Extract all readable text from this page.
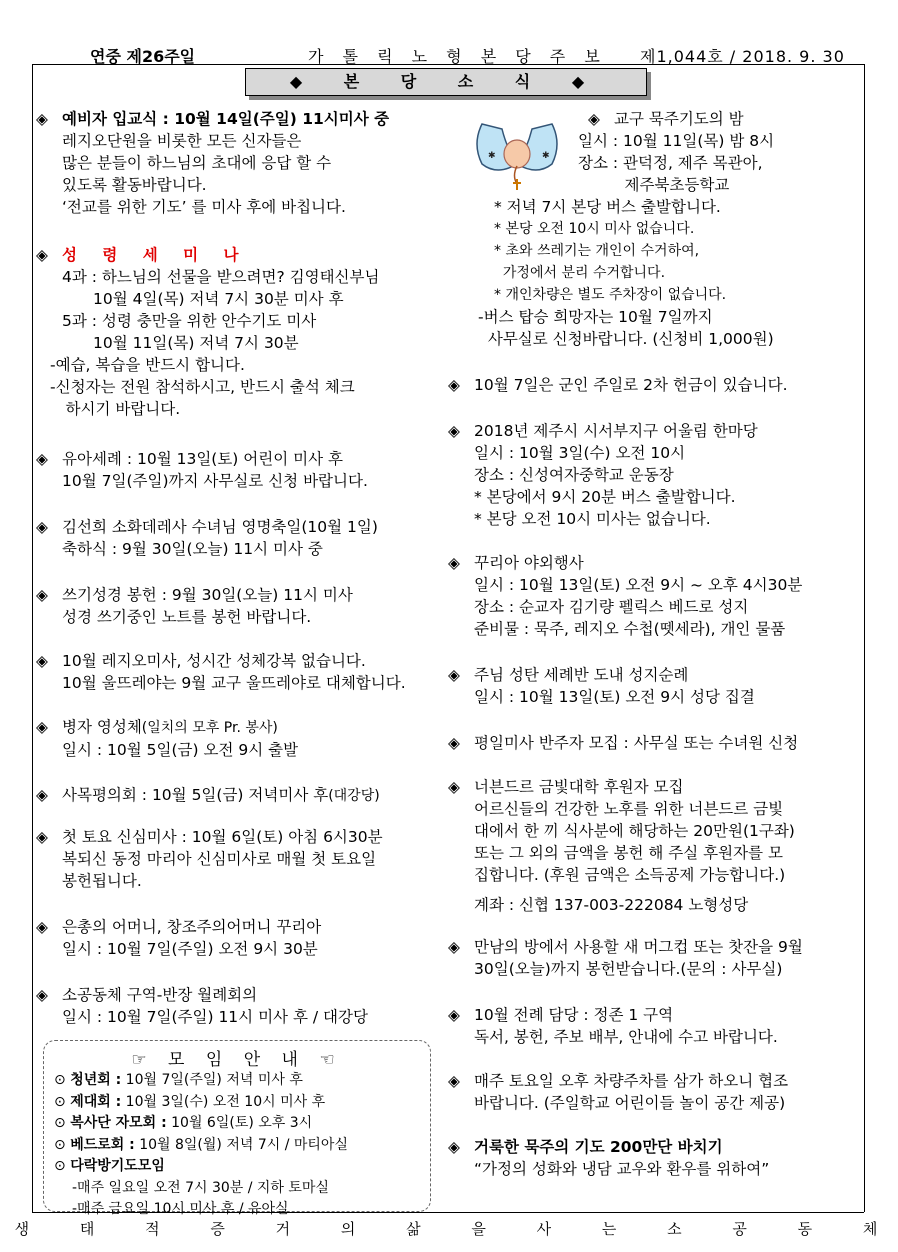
연중 제26주일	가 톨 릭 노 형 본 당 주 보 제1,044호 / 2018. 9. 30
◆ 본 당 소 식 ◆
◈ 예비자 입교식 : 10월 14일(주일) 11시미사 중
레지오단원을 비롯한 모든 신자들은
많은 분들이 하느님의 초대에 응답 할 수
있도록 활동바랍니다.
‘전교를 위한 기도’ 를 미사 후에 바칩니다.
◈ 성 령 세 미 나
4과 : 하느님의 선물을 받으려면? 김영태신부님
　　10월 4일(목) 저녁 7시 30분 미사 후
5과 : 성령 충만을 위한 안수기도 미사
　　10월 11일(목) 저녁 7시 30분
-예습, 복습을 반드시 합니다.
-신청자는 전원 참석하시고, 반드시 출석 체크
　하시기 바랍니다.
◈ 유아세례 : 10월 13일(토) 어린이 미사 후
10월 7일(주일)까지 사무실로 신청 바랍니다.
◈ 김선희 소화데레사 수녀님 영명축일(10월 1일)
축하식 : 9월 30일(오늘) 11시 미사 중
◈ 쓰기성경 봉헌 : 9월 30일(오늘) 11시 미사
성경 쓰기중인 노트를 봉헌 바랍니다.
◈ 10월 레지오미사, 성시간 성체강복 없습니다.
10월 울뜨레야는 9월 교구 울뜨레야로 대체합니다.
◈ 병자 영성체(일치의 모후 Pr. 봉사)
일시 : 10월 5일(금) 오전 9시 출발
◈ 사목평의회 : 10월 5일(금) 저녁미사 후(대강당)
◈ 첫 토요 신심미사 : 10월 6일(토) 아침 6시30분
복되신 동정 마리아 신심미사로 매월 첫 토요일
봉헌됩니다.
◈ 은총의 어머니, 창조주의어머니 꾸리아
일시 : 10월 7일(주일) 오전 9시 30분
◈ 소공동체 구역-반장 월례회의
일시 : 10월 7일(주일) 11시 미사 후 / 대강당
☞ 모 임 안 내 ☜
⊙ 청년회 : 10월 7일(주일) 저녁 미사 후
⊙ 제대회 : 10월 3일(수) 오전 10시 미사 후
⊙ 복사단 자모회 : 10월 6일(토) 오후 3시
⊙ 베드로회 : 10월 8일(월) 저녁 7시 / 마티아실
⊙ 다락방기도모임
-매주 일요일 오전 7시 30분 / 지하 토마실
-매주 금요일 10시 미사 후 / 유아실
✱	✱
◈ 교구 묵주기도의 밤
일시 : 10월 11일(목) 밤 8시
장소 : 관덕정, 제주 목관아,
　　　제주북초등학교
* 저녁 7시 본당 버스 출발합니다.
* 본당 오전 10시 미사 없습니다.
* 초와 쓰레기는 개인이 수거하여,
가정에서 분리 수거합니다.
* 개인차량은 별도 주차장이 없습니다.
-버스 탑승 희망자는 10월 7일까지
사무실로 신청바랍니다. (신청비 1,000원)
◈ 10월 7일은 군인 주일로 2차 헌금이 있습니다.
◈ 2018년 제주시 시서부지구 어울림 한마당
일시 : 10월 3일(수) 오전 10시
장소 : 신성여자중학교 운동장
* 본당에서 9시 20분 버스 출발합니다.
* 본당 오전 10시 미사는 없습니다.
◈ 꾸리아 야외행사
일시 : 10월 13일(토) 오전 9시 ~ 오후 4시30분
장소 : 순교자 김기량 펠릭스 베드로 성지
준비물 : 묵주, 레지오 수첩(뗏세라), 개인 물품
◈ 주님 성탄 세례반 도내 성지순례
일시 : 10월 13일(토) 오전 9시 성당 집결
◈ 평일미사 반주자 모집 : 사무실 또는 수녀원 신청
◈ 너븐드르 금빛대학 후원자 모집
어르신들의 건강한 노후를 위한 너븐드르 금빛
대에서 한 끼 식사분에 해당하는 20만원(1구좌)
또는 그 외의 금액을 봉헌 해 주실 후원자를 모
집합니다. (후원 금액은 소득공제 가능합니다.)
계좌 : 신협 137-003-222084 노형성당
◈ 만남의 방에서 사용할 새 머그컵 또는 찻잔을 9월
30일(오늘)까지 봉헌받습니다.(문의 : 사무실)
◈ 10월 전례 담당 : 정존 1 구역
독서, 봉헌, 주보 배부, 안내에 수고 바랍니다.
◈ 매주 토요일 오후 차량주차를 삼가 하오니 협조
바랍니다. (주일학교 어린이들 놀이 공간 제공)
◈ 거룩한 묵주의 기도 200만단 바치기
“가정의 성화와 냉담 교우와 환우를 위하여”
생 태 적 증 거 의 삶 을 사 는 소 공 동 체
